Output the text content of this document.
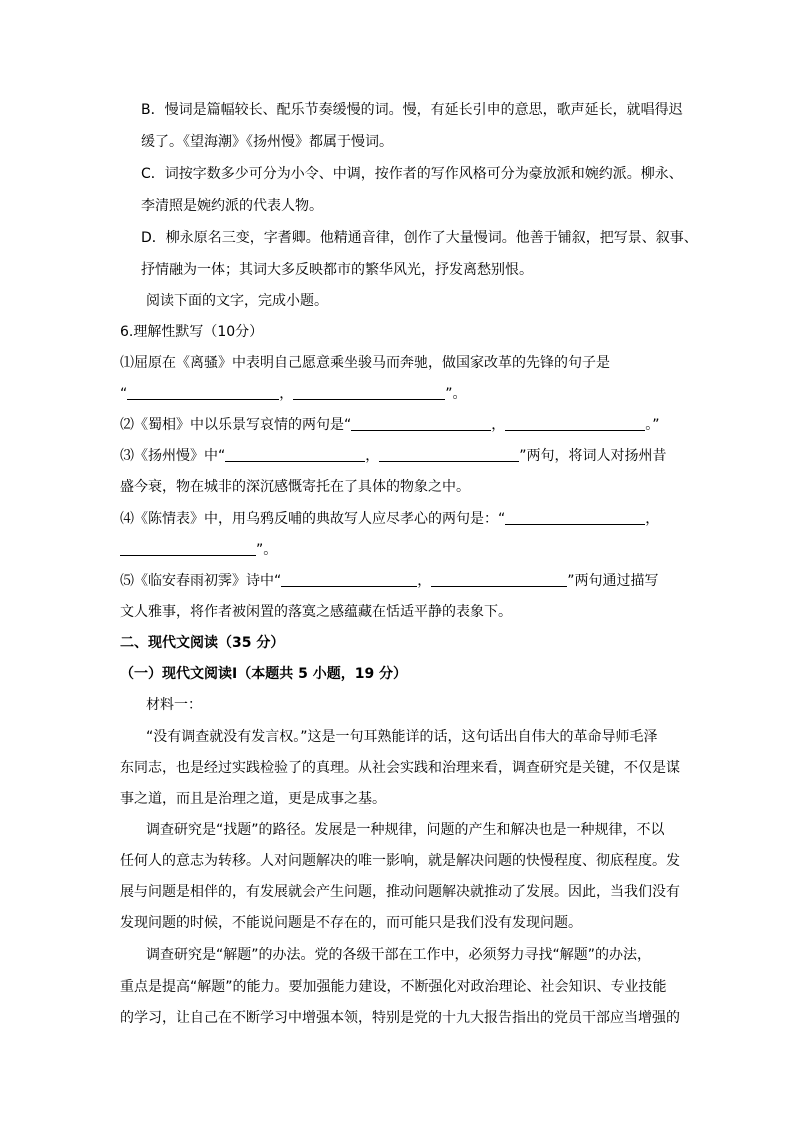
B．慢词是篇幅较长、配乐节奏缓慢的词。慢，有延长引申的意思，歌声延长，就唱得迟
缓了。《望海潮》《扬州慢》都属于慢词。
C．词按字数多少可分为小令、中调，按作者的写作风格可分为豪放派和婉约派。柳永、
李清照是婉约派的代表人物。
D．柳永原名三变，字耆卿。他精通音律，创作了大量慢词。他善于铺叙，把写景、叙事、
抒情融为一体；其词大多反映都市的繁华风光，抒发离愁别恨。
阅读下面的文字，完成小题。
6.理解性默写（10分）
⑴屈原在《离骚》中表明自己愿意乘坐骏马而奔驰，做国家改革的先锋的句子是
“	，	”。
⑵《蜀相》中以乐景写哀情的两句是“	，	。”
⑶《扬州慢》中“	，	”两句，将词人对扬州昔
盛今衰，物在城非的深沉感慨寄托在了具体的物象之中。
⑷《陈情表》中，用乌鸦反哺的典故写人应尽孝心的两句是：“	，
”。
⑸《临安春雨初霁》诗中“	，	”两句通过描写
文人雅事，将作者被闲置的落寞之感蕴藏在恬适平静的表象下。
二、现代文阅读（35 分）
（一）现代文阅读Ⅰ（本题共 5 小题，19 分）
材料一：
“没有调查就没有发言权。”这是一句耳熟能详的话，这句话出自伟大的革命导师毛泽
东同志，也是经过实践检验了的真理。从社会实践和治理来看，调查研究是关键，不仅是谋
事之道，而且是治理之道，更是成事之基。
调查研究是“找题”的路径。发展是一种规律，问题的产生和解决也是一种规律，不以
任何人的意志为转移。人对问题解决的唯一影响，就是解决问题的快慢程度、彻底程度。发
展与问题是相伴的，有发展就会产生问题，推动问题解决就推动了发展。因此，当我们没有
发现问题的时候，不能说问题是不存在的，而可能只是我们没有发现问题。
调查研究是“解题”的办法。党的各级干部在工作中，必须努力寻找“解题”的办法，
重点是提高“解题”的能力。要加强能力建设，不断强化对政治理论、社会知识、专业技能
的学习，让自己在不断学习中增强本领，特别是党的十九大报告指出的党员干部应当增强的
